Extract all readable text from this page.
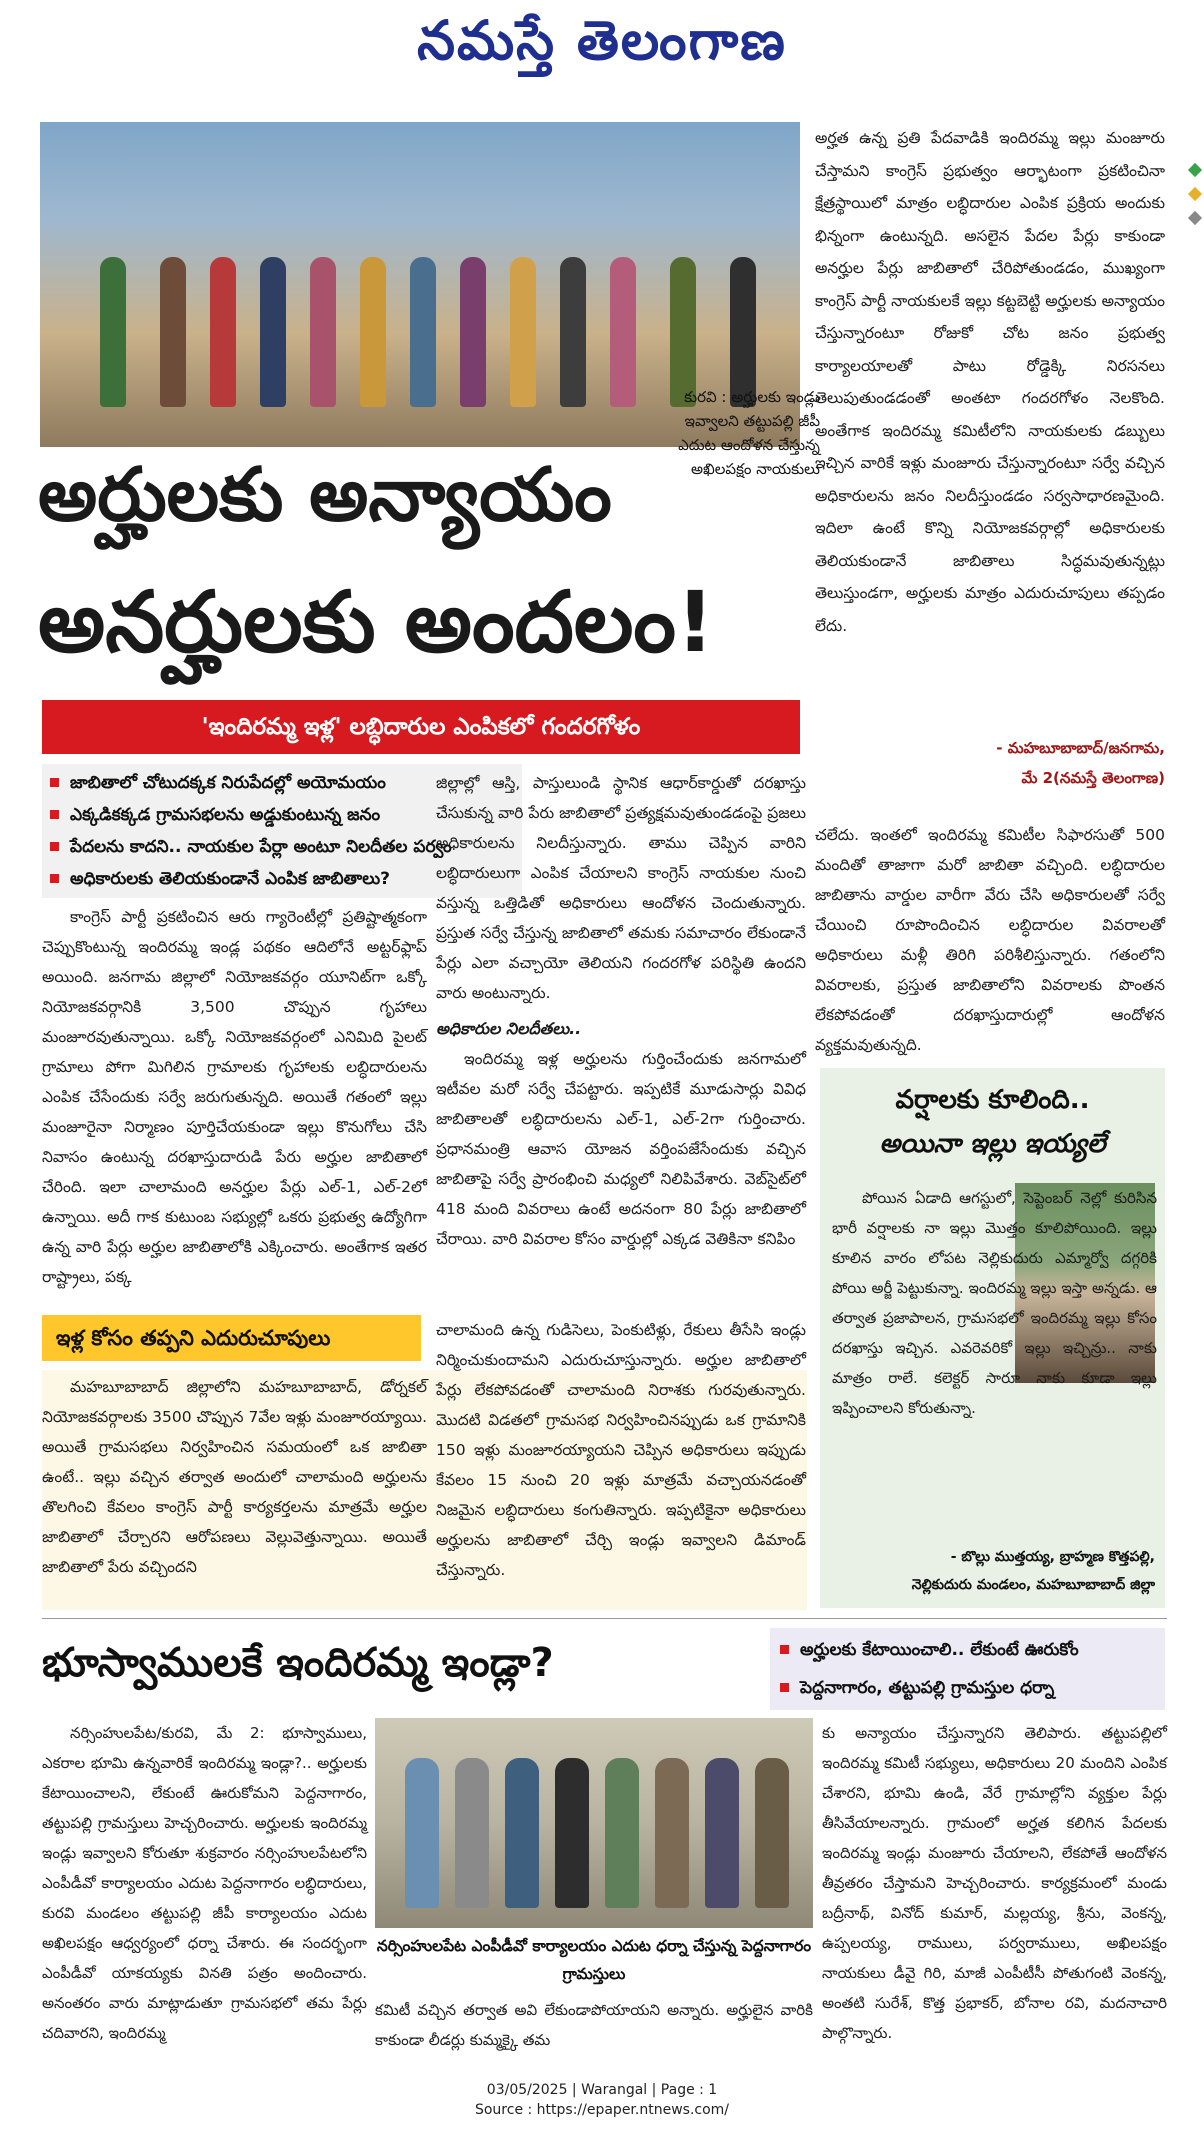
నమస్తే తెలంగాణ
కురవి : అర్హులకు ఇండ్లు ఇవ్వాలని తట్టుపల్లి జీపీ ఎదుట ఆందోళన చేస్తున్న అఖిలపక్షం నాయకులు
అర్హులకు అన్యాయం
అనర్హులకు అందలం!
'ఇందిరమ్మ ఇళ్ల' లబ్ధిదారుల ఎంపికలో గందరగోళం
జాబితాలో చోటుదక్కక నిరుపేదల్లో అయోమయం
ఎక్కడికక్కడ గ్రామసభలను అడ్డుకుంటున్న జనం
పేదలను కాదని.. నాయకుల పేర్లా అంటూ నిలదీతల పర్వం
అధికారులకు తెలియకుండానే ఎంపిక జాబితాలు?

అర్హత ఉన్న ప్రతి పేదవాడికి ఇందిరమ్మ ఇల్లు మంజూరు చేస్తామని కాంగ్రెస్ ప్రభుత్వం ఆర్భాటంగా ప్రకటించినా క్షేత్రస్థాయిలో మాత్రం లబ్ధిదారుల ఎంపిక ప్రక్రియ అందుకు భిన్నంగా ఉంటున్నది. అసలైన పేదల పేర్లు కాకుండా అనర్హుల పేర్లు జాబితాలో చేరిపోతుండడం, ముఖ్యంగా కాంగ్రెస్ పార్టీ నాయకులకే ఇల్లు కట్టబెట్టి అర్హులకు అన్యాయం చేస్తున్నారంటూ రోజుకో చోట జనం ప్రభుత్వ కార్యాలయాలతో పాటు రోడ్డెక్కి నిరసనలు తెలుపుతుండడంతో అంతటా గందరగోళం నెలకొంది. అంతేగాక ఇందిరమ్మ కమిటీలోని నాయకులకు డబ్బులు ఇచ్చిన వారికే ఇళ్లు మంజూరు చేస్తున్నారంటూ సర్వే వచ్చిన అధికారులను జనం నిలదీస్తుండడం సర్వసాధారణమైంది. ఇదిలా ఉంటే కొన్ని నియోజకవర్గాల్లో అధికారులకు తెలియకుండానే జాబితాలు సిద్ధమవుతున్నట్లు తెలుస్తుండగా, అర్హులకు మాత్రం ఎదురుచూపులు తప్పడం లేదు.

- మహబూబాబాద్/జనగామ,
మే 2(నమస్తే తెలంగాణ)

కాంగ్రెస్ పార్టీ ప్రకటించిన ఆరు గ్యారెంటీల్లో ప్రతిష్టాత్మకంగా చెప్పుకొంటున్న ఇందిరమ్మ ఇండ్ల పథకం ఆదిలోనే అట్టర్‌ఫ్లాప్ అయింది. జనగామ జిల్లాలో నియోజకవర్గం యూనిట్‌గా ఒక్కో నియోజకవర్గానికి 3,500 చొప్పున గృహాలు మంజూరవుతున్నాయి. ఒక్కో నియోజకవర్గంలో ఎనిమిది పైలట్ గ్రామాలు పోగా మిగిలిన గ్రామాలకు గృహాలకు లబ్ధిదారులను ఎంపిక చేసేందుకు సర్వే జరుగుతున్నది. అయితే గతంలో ఇల్లు మంజూరైనా నిర్మాణం పూర్తిచేయకుండా ఇల్లు కొనుగోలు చేసి నివాసం ఉంటున్న దరఖాస్తుదారుడి పేరు అర్హుల జాబితాలో చేరింది. ఇలా చాలామంది అనర్హుల పేర్లు ఎల్-1, ఎల్-2లో ఉన్నాయి. అదీ గాక కుటుంబ సభ్యుల్లో ఒకరు ప్రభుత్వ ఉద్యోగిగా ఉన్న వారి పేర్లు అర్హుల జాబితాలోకి ఎక్కించారు. అంతేగాక ఇతర రాష్ట్రాలు, పక్క

జిల్లాల్లో ఆస్తి, పాస్తులుండి స్థానిక ఆధార్‌కార్డుతో దరఖాస్తు చేసుకున్న వారి పేరు జాబితాలో ప్రత్యక్షమవుతుండడంపై ప్రజలు అధికారులను నిలదీస్తున్నారు. తాము చెప్పిన వారిని లబ్ధిదారులుగా ఎంపిక చేయాలని కాంగ్రెస్ నాయకుల నుంచి వస్తున్న ఒత్తిడితో అధికారులు ఆందోళన చెందుతున్నారు. ప్రస్తుత సర్వే చేస్తున్న జాబితాలో తమకు సమాచారం లేకుండానే పేర్లు ఎలా వచ్చాయో తెలియని గందరగోళ పరిస్థితి ఉందని వారు అంటున్నారు.

అధికారుల నిలదీతలు..

ఇందిరమ్మ ఇళ్ల అర్హులను గుర్తించేందుకు జనగామలో ఇటీవల మరో సర్వే చేపట్టారు. ఇప్పటికే మూడుసార్లు వివిధ జాబితాలతో లబ్ధిదారులను ఎల్-1, ఎల్-2గా గుర్తించారు. ప్రధానమంత్రి ఆవాస యోజన వర్తింపజేసేందుకు వచ్చిన జాబితాపై సర్వే ప్రారంభించి మధ్యలో నిలిపివేశారు. వెబ్‌సైట్‌లో 418 మంది వివరాలు ఉంటే అదనంగా 80 పేర్లు జాబితాలో చేరాయి. వారి వివరాల కోసం వార్డుల్లో ఎక్కడ వెతికినా కనిపిం

చలేదు. ఇంతలో ఇందిరమ్మ కమిటీల సిఫారసుతో 500 మందితో తాజాగా మరో జాబితా వచ్చింది. లబ్ధిదారుల జాబితాను వార్డుల వారీగా వేరు చేసి అధికారులతో సర్వే చేయించి రూపొందించిన లబ్ధిదారుల వివరాలతో అధికారులు మళ్లీ తిరిగి పరిశీలిస్తున్నారు. గతంలోని వివరాలకు, ప్రస్తుత జాబితాలోని వివరాలకు పొంతన లేకపోవడంతో దరఖాస్తుదారుల్లో ఆందోళన వ్యక్తమవుతున్నది.

వర్షాలకు కూలింది..
అయినా ఇల్లు ఇయ్యలే
పోయిన ఏడాది ఆగస్టులో, సెప్టెంబర్ నెల్లో కురిసిన భారీ వర్షాలకు నా ఇల్లు మొత్తం కూలిపోయింది. ఇల్లు కూలిన వారం లోపట నెల్లికుదురు ఎమ్మార్వో దగ్గరికి పోయి అర్జీ పెట్టుకున్నా. ఇందిరమ్మ ఇల్లు ఇస్తా అన్నడు. ఆ తర్వాత ప్రజాపాలన, గ్రామసభలో ఇందిరమ్మ ఇల్లు కోసం దరఖాస్తు ఇచ్చిన. ఎవరెవరికో ఇల్లు ఇచ్చిన్రు.. నాకు మాత్రం రాలే. కలెక్టర్ సారూ నాకు కూడా ఇల్లు ఇప్పించాలని కోరుతున్నా.
- బొల్లు ముత్తయ్య, బ్రాహ్మణ కొత్తపల్లి,
నెల్లికుదురు మండలం, మహబూబాబాద్ జిల్లా
ఇళ్ల కోసం తప్పని ఎదురుచూపులు

మహబూబాబాద్ జిల్లాలోని మహబూబాబాద్, డోర్నకల్ నియోజకవర్గాలకు 3500 చొప్పున 7వేల ఇళ్లు మంజూరయ్యాయి. అయితే గ్రామసభలు నిర్వహించిన సమయంలో ఒక జాబితా ఉంటే.. ఇల్లు వచ్చిన తర్వాత అందులో చాలామంది అర్హులను తొలగించి కేవలం కాంగ్రెస్ పార్టీ కార్యకర్తలను మాత్రమే అర్హుల జాబితాలో చేర్చారని ఆరోపణలు వెల్లువెత్తున్నాయి. అయితే జాబితాలో పేరు వచ్చిందని

చాలామంది ఉన్న గుడిసెలు, పెంకుటిళ్లు, రేకులు తీసేసి ఇండ్లు నిర్మించుకుందామని ఎదురుచూస్తున్నారు. అర్హుల జాబితాలో పేర్లు లేకపోవడంతో చాలామంది నిరాశకు గురవుతున్నారు. మొదటి విడతలో గ్రామసభ నిర్వహించినప్పుడు ఒక గ్రామానికి 150 ఇళ్లు మంజూరయ్యాయని చెప్పిన అధికారులు ఇప్పుడు కేవలం 15 నుంచి 20 ఇళ్లు మాత్రమే వచ్చాయనడంతో నిజమైన లబ్ధిదారులు కంగుతిన్నారు. ఇప్పటికైనా అధికారులు అర్హులను జాబితాలో చేర్చి ఇండ్లు ఇవ్వాలని డిమాండ్ చేస్తున్నారు.

భూస్వాములకే ఇందిరమ్మ ఇండ్లా?	అర్హులకు కేటాయించాలి.. లేకుంటే ఊరుకోం
పెద్దనాగారం, తట్టుపల్లి గ్రామస్తుల ధర్నా

నర్సింహులపేట/కురవి, మే 2: భూస్వాములు, ఎకరాల భూమి ఉన్నవారికే ఇందిరమ్మ ఇండ్లా?.. అర్హులకు కేటాయించాలని, లేకుంటే ఊరుకోమని పెద్దనాగారం, తట్టుపల్లి గ్రామస్తులు హెచ్చరించారు. అర్హులకు ఇందిరమ్మ ఇండ్లు ఇవ్వాలని కోరుతూ శుక్రవారం నర్సింహులపేటలోని ఎంపీడీవో కార్యాలయం ఎదుట పెద్దనాగారం లబ్ధిదారులు, కురవి మండలం తట్టుపల్లి జీపీ కార్యాలయం ఎదుట అఖిలపక్షం ఆధ్వర్యంలో ధర్నా చేశారు. ఈ సందర్భంగా ఎంపీడీవో యాకయ్యకు వినతి పత్రం అందించారు. అనంతరం వారు మాట్లాడుతూ గ్రామసభలో తమ పేర్లు చదివారని, ఇందిరమ్మ

నర్సింహులపేట ఎంపీడీవో కార్యాలయం ఎదుట ధర్నా చేస్తున్న పెద్దనాగారం గ్రామస్తులు

కమిటీ వచ్చిన తర్వాత అవి లేకుండాపోయాయని అన్నారు. అర్హులైన వారికి కాకుండా లీడర్లు కుమ్మక్కై తమ

కు అన్యాయం చేస్తున్నారని తెలిపారు. తట్టుపల్లిలో ఇందిరమ్మ కమిటీ సభ్యులు, అధికారులు 20 మందిని ఎంపిక చేశారని, భూమి ఉండి, వేరే గ్రామాల్లోని వ్యక్తుల పేర్లు తీసివేయాలన్నారు. గ్రామంలో అర్హత కలిగిన పేదలకు ఇందిరమ్మ ఇండ్లు మంజూరు చేయాలని, లేకపోతే ఆందోళన తీవ్రతరం చేస్తామని హెచ్చరించారు. కార్యక్రమంలో మండు బద్రీనాథ్, వినోద్ కుమార్, మల్లయ్య, శ్రీను, వెంకన్న, ఉప్పలయ్య, రాములు, పర్వరాములు, అఖిలపక్షం నాయకులు డీవై గిరి, మాజీ ఎంపీటీసీ పోతుగంటి వెంకన్న, అంతటి సురేశ్, కొత్త ప్రభాకర్, బోనాల రవి, మదనాచారి పాల్గొన్నారు.

03/05/2025 | Warangal | Page : 1
Source : https://epaper.ntnews.com/
